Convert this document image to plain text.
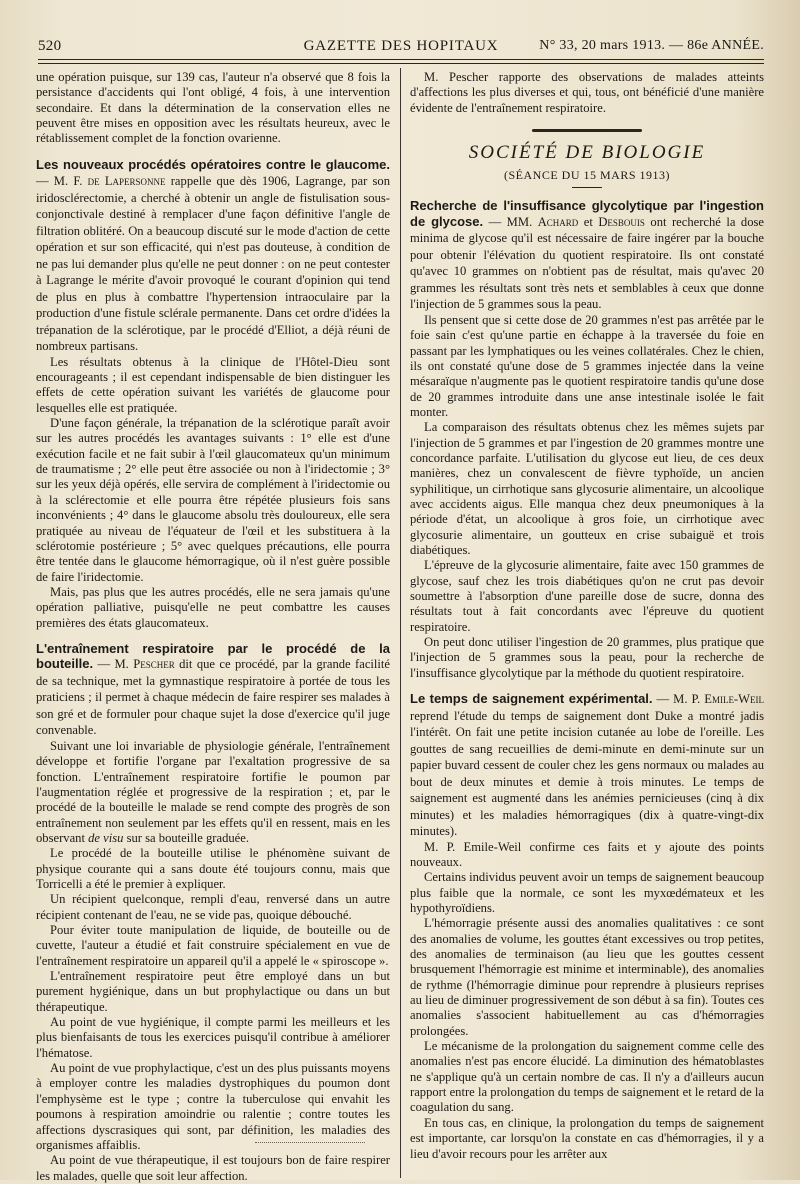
520	GAZETTE DES HOPITAUX	N° 33, 20 mars 1913. — 86e ANNÉE.

une opération puisque, sur 139 cas, l'auteur n'a observé que 8 fois la persistance d'accidents qui l'ont obligé, 4 fois, à une intervention secondaire. Et dans la détermination de la conservation elles ne peuvent être mises en opposition avec les résultats heureux, avec le rétablissement complet de la fonction ovarienne.

Les nouveaux procédés opératoires contre le glaucome. — M. F. de Lapersonne rappelle que dès 1906, Lagrange, par son iridosclérectomie, a cherché à obtenir un angle de fistulisation sous-conjonctivale destiné à remplacer d'une façon définitive l'angle de filtration oblitéré. On a beaucoup discuté sur le mode d'action de cette opération et sur son efficacité, qui n'est pas douteuse, à condition de ne pas lui demander plus qu'elle ne peut donner : on ne peut contester à Lagrange le mérite d'avoir provoqué le courant d'opinion qui tend de plus en plus à combattre l'hypertension intraoculaire par la production d'une fistule sclérale permanente. Dans cet ordre d'idées la trépanation de la sclérotique, par le procédé d'Elliot, a déjà réuni de nombreux partisans.

Les résultats obtenus à la clinique de l'Hôtel-Dieu sont encourageants ; il est cependant indispensable de bien distinguer les effets de cette opération suivant les variétés de glaucome pour lesquelles elle est pratiquée.

D'une façon générale, la trépanation de la sclérotique paraît avoir sur les autres procédés les avantages suivants : 1° elle est d'une exécution facile et ne fait subir à l'œil glaucomateux qu'un minimum de traumatisme ; 2° elle peut être associée ou non à l'iridectomie ; 3° sur les yeux déjà opérés, elle servira de complément à l'iridectomie ou à la sclérectomie et elle pourra être répétée plusieurs fois sans inconvénients ; 4° dans le glaucome absolu très douloureux, elle sera pratiquée au niveau de l'équateur de l'œil et les substituera à la sclérotomie postérieure ; 5° avec quelques précautions, elle pourra être tentée dans le glaucome hémorragique, où il n'est guère possible de faire l'iridectomie.

Mais, pas plus que les autres procédés, elle ne sera jamais qu'une opération palliative, puisqu'elle ne peut combattre les causes premières des états glaucomateux.

L'entraînement respiratoire par le procédé de la bouteille. — M. Pescher dit que ce procédé, par la grande facilité de sa technique, met la gymnastique respiratoire à portée de tous les praticiens ; il permet à chaque médecin de faire respirer ses malades à son gré et de formuler pour chaque sujet la dose d'exercice qu'il juge convenable.

Suivant une loi invariable de physiologie générale, l'entraînement développe et fortifie l'organe par l'exaltation progressive de sa fonction. L'entraînement respiratoire fortifie le poumon par l'augmentation réglée et progressive de la respiration ; et, par le procédé de la bouteille le malade se rend compte des progrès de son entraînement non seulement par les effets qu'il en ressent, mais en les observant de visu sur sa bouteille graduée.

Le procédé de la bouteille utilise le phénomène suivant de physique courante qui a sans doute été toujours connu, mais que Torricelli a été le premier à expliquer.

Un récipient quelconque, rempli d'eau, renversé dans un autre récipient contenant de l'eau, ne se vide pas, quoique débouché.

Pour éviter toute manipulation de liquide, de bouteille ou de cuvette, l'auteur a étudié et fait construire spécialement en vue de l'entraînement respiratoire un appareil qu'il a appelé le « spiroscope ».

L'entraînement respiratoire peut être employé dans un but purement hygiénique, dans un but prophylactique ou dans un but thérapeutique.

Au point de vue hygiénique, il compte parmi les meilleurs et les plus bienfaisants de tous les exercices puisqu'il contribue à améliorer l'hématose.

Au point de vue prophylactique, c'est un des plus puissants moyens à employer contre les maladies dystrophiques du poumon dont l'emphysème est le type ; contre la tuberculose qui envahit les poumons à respiration amoindrie ou ralentie ; contre toutes les affections dyscrasiques qui sont, par définition, les maladies des organismes affaiblis.

Au point de vue thérapeutique, il est toujours bon de faire respirer les malades, quelle que soit leur affection.

M. Pescher rapporte des observations de malades atteints d'affections les plus diverses et qui, tous, ont bénéficié d'une manière évidente de l'entraînement respiratoire.

SOCIÉTÉ DE BIOLOGIE
(SÉANCE DU 15 MARS 1913)
Recherche de l'insuffisance glycolytique par l'ingestion de glycose. — MM. Achard et Desbouis ont recherché la dose minima de glycose qu'il est nécessaire de faire ingérer par la bouche pour obtenir l'élévation du quotient respiratoire. Ils ont constaté qu'avec 10 grammes on n'obtient pas de résultat, mais qu'avec 20 grammes les résultats sont très nets et semblables à ceux que donne l'injection de 5 grammes sous la peau.

Ils pensent que si cette dose de 20 grammes n'est pas arrêtée par le foie sain c'est qu'une partie en échappe à la traversée du foie en passant par les lymphatiques ou les veines collatérales. Chez le chien, ils ont constaté qu'une dose de 5 grammes injectée dans la veine mésaraïque n'augmente pas le quotient respiratoire tandis qu'une dose de 20 grammes introduite dans une anse intestinale isolée le fait monter.

La comparaison des résultats obtenus chez les mêmes sujets par l'injection de 5 grammes et par l'ingestion de 20 grammes montre une concordance parfaite. L'utilisation du glycose eut lieu, de ces deux manières, chez un convalescent de fièvre typhoïde, un ancien syphilitique, un cirrhotique sans glycosurie alimentaire, un alcoolique avec accidents aigus. Elle manqua chez deux pneumoniques à la période d'état, un alcoolique à gros foie, un cirrhotique avec glycosurie alimentaire, un goutteux en crise subaiguë et trois diabétiques.

L'épreuve de la glycosurie alimentaire, faite avec 150 grammes de glycose, sauf chez les trois diabétiques qu'on ne crut pas devoir soumettre à l'absorption d'une pareille dose de sucre, donna des résultats tout à fait concordants avec l'épreuve du quotient respiratoire.

On peut donc utiliser l'ingestion de 20 grammes, plus pratique que l'injection de 5 grammes sous la peau, pour la recherche de l'insuffisance glycolytique par la méthode du quotient respiratoire.

Le temps de saignement expérimental. — M. P. Emile-Weil reprend l'étude du temps de saignement dont Duke a montré jadis l'intérêt. On fait une petite incision cutanée au lobe de l'oreille. Les gouttes de sang recueillies de demi-minute en demi-minute sur un papier buvard cessent de couler chez les gens normaux ou malades au bout de deux minutes et demie à trois minutes. Le temps de saignement est augmenté dans les anémies pernicieuses (cinq à dix minutes) et les maladies hémorragiques (dix à quatre-vingt-dix minutes).

M. P. Emile-Weil confirme ces faits et y ajoute des points nouveaux.

Certains individus peuvent avoir un temps de saignement beaucoup plus faible que la normale, ce sont les myxœdémateux et les hypothyroïdiens.

L'hémorragie présente aussi des anomalies qualitatives : ce sont des anomalies de volume, les gouttes étant excessives ou trop petites, des anomalies de terminaison (au lieu que les gouttes cessent brusquement l'hémorragie est minime et interminable), des anomalies de rythme (l'hémorragie diminue pour reprendre à plusieurs reprises au lieu de diminuer progressivement de son début à sa fin). Toutes ces anomalies s'associent habituellement au cas d'hémorragies prolongées.

Le mécanisme de la prolongation du saignement comme celle des anomalies n'est pas encore élucidé. La diminution des hématoblastes ne s'applique qu'à un certain nombre de cas. Il n'y a d'ailleurs aucun rapport entre la prolongation du temps de saignement et le retard de la coagulation du sang.

En tous cas, en clinique, la prolongation du temps de saignement est importante, car lorsqu'on la constate en cas d'hémorragies, il y a lieu d'avoir recours pour les arrêter aux
